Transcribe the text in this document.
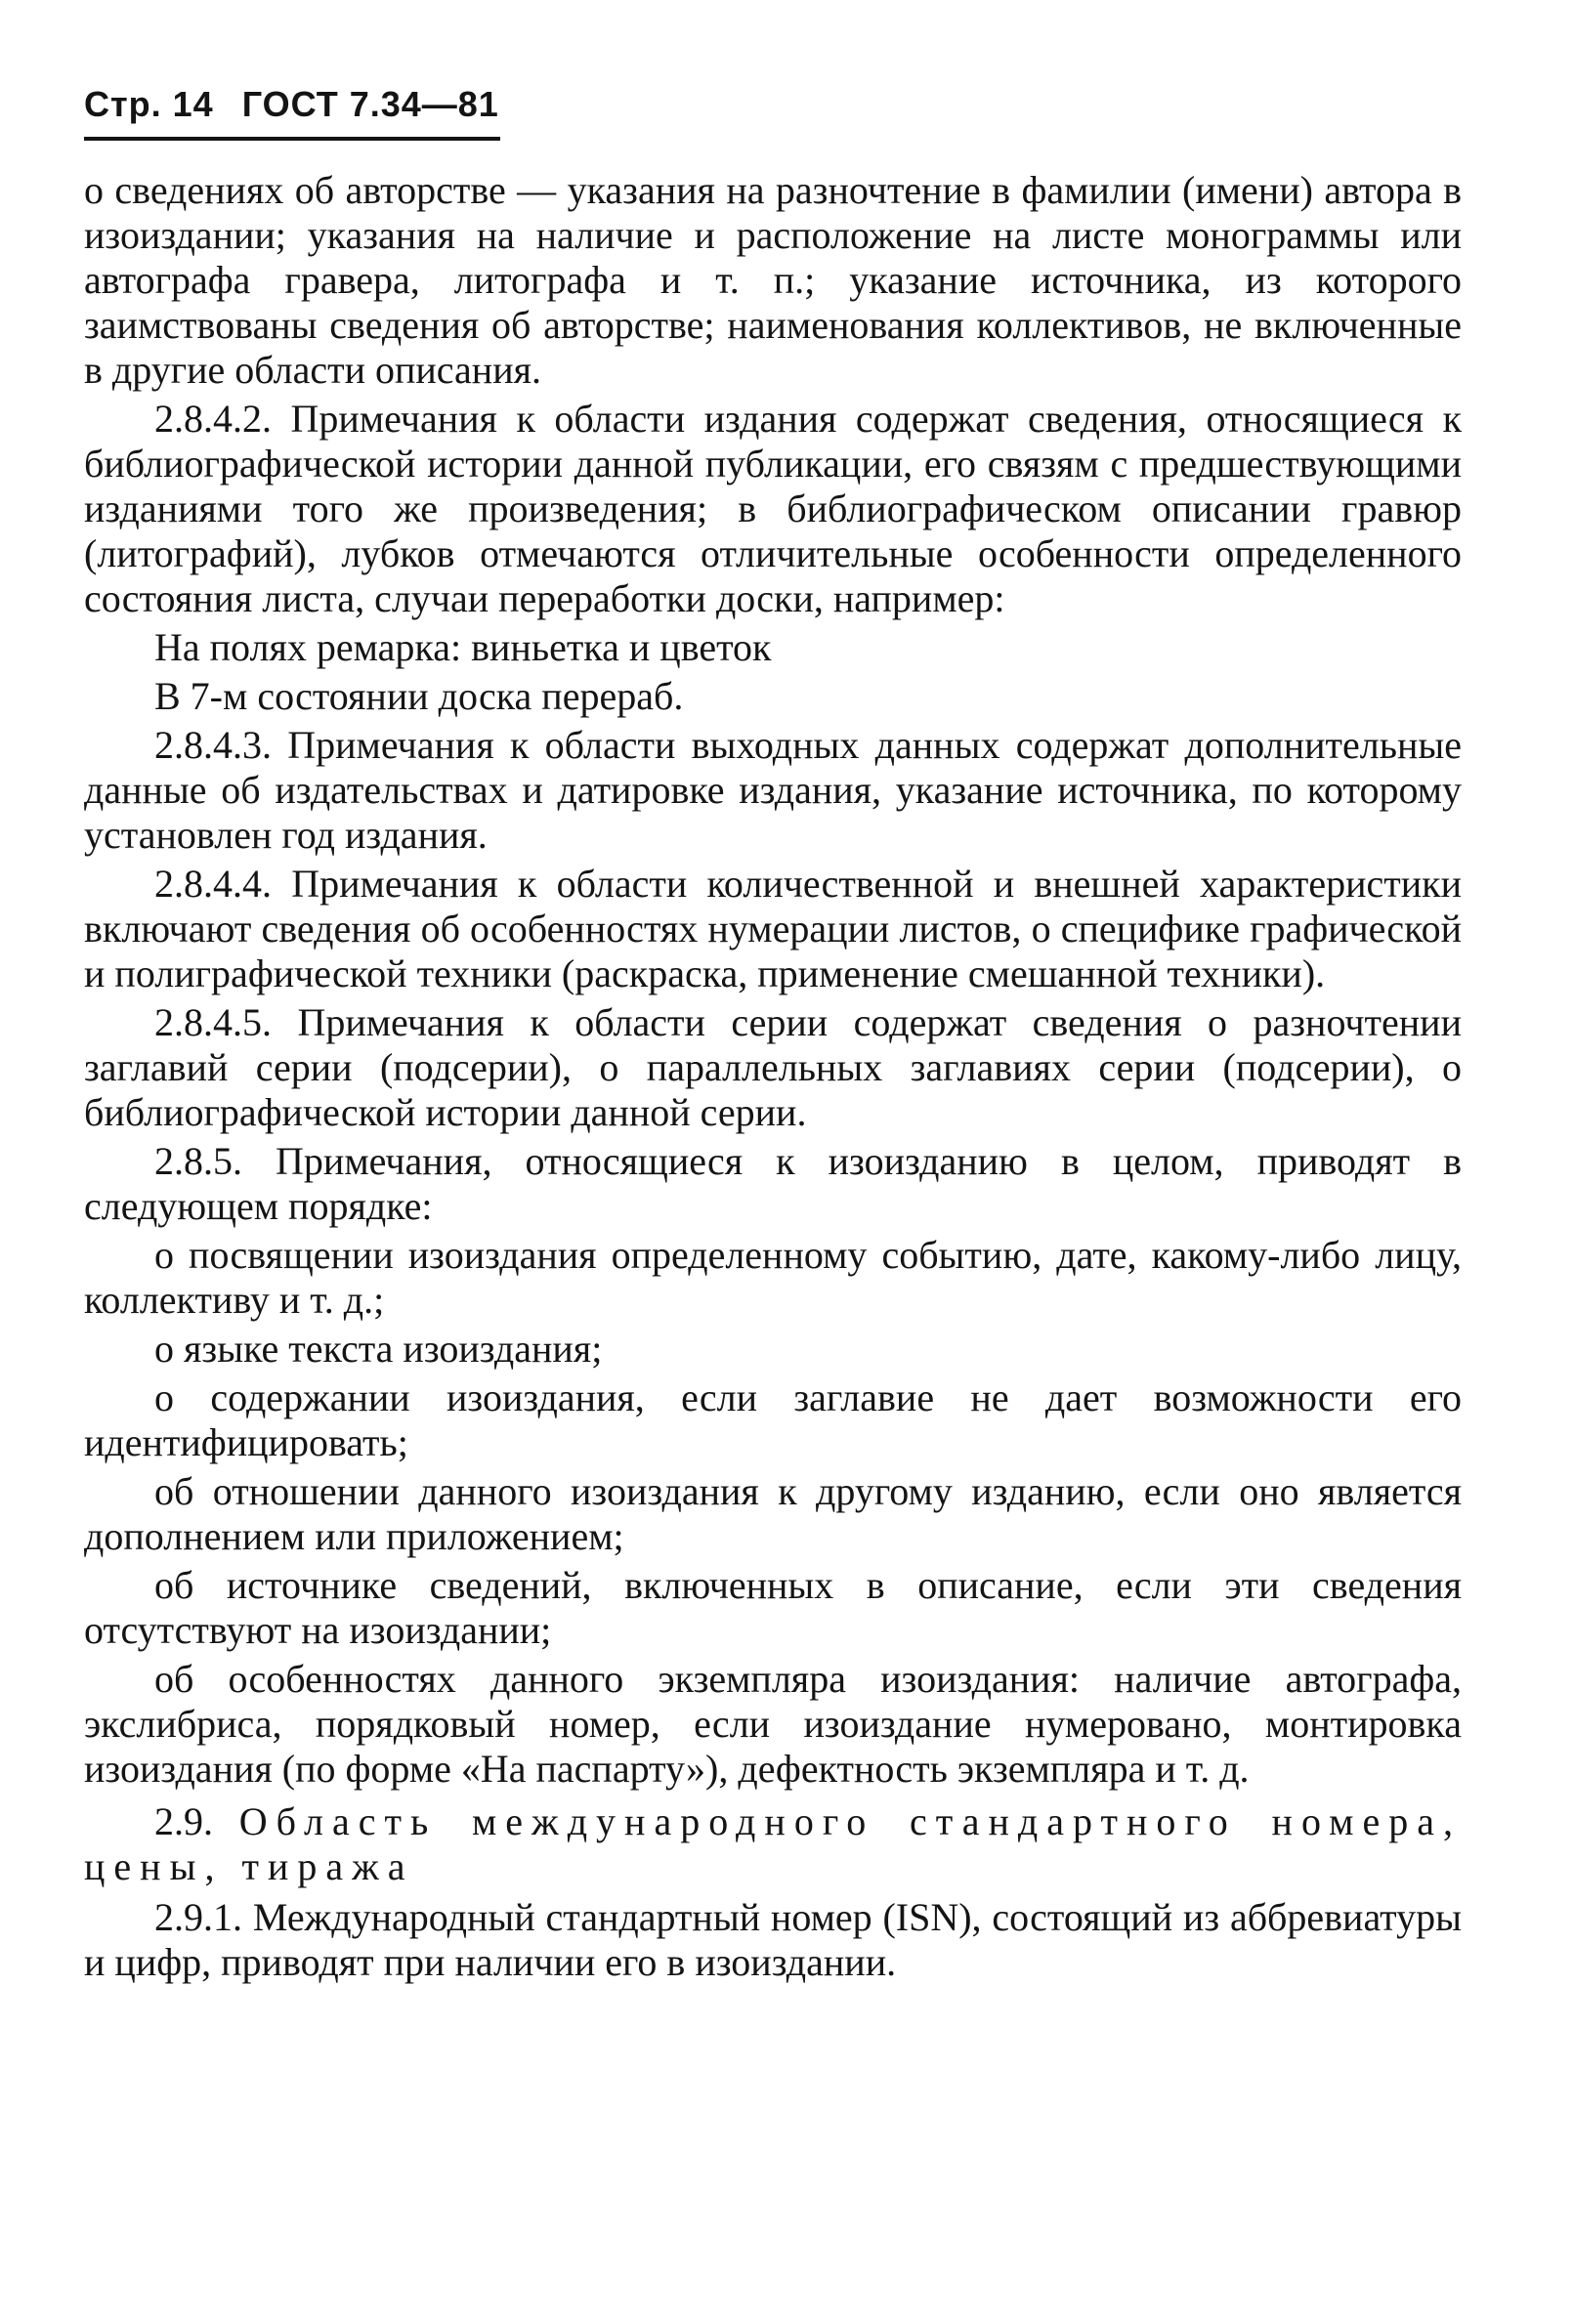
Стр. 14 ГОСТ 7.34—81

о сведениях об авторстве — указания на разночтение в фамилии (имени) автора в изоиздании; указания на наличие и расположение на листе монограммы или автографа гравера, литографа и т. п.; указание источника, из которого заимствованы сведения об авторстве; наименования коллективов, не включенные в другие области описания.

2.8.4.2. Примечания к области издания содержат сведения, относящиеся к библиографической истории данной публикации, его связям с предшествующими изданиями того же произведения; в библиографическом описании гравюр (литографий), лубков отмечаются отличительные особенности определенного состояния листа, случаи переработки доски, например:

На полях ремарка: виньетка и цветок

В 7-м состоянии доска перераб.

2.8.4.3. Примечания к области выходных данных содержат дополнительные данные об издательствах и датировке издания, указание источника, по которому установлен год издания.

2.8.4.4. Примечания к области количественной и внешней характеристики включают сведения об особенностях нумерации листов, о специфике графической и полиграфической техники (раскраска, применение смешанной техники).

2.8.4.5. Примечания к области серии содержат сведения о разночтении заглавий серии (подсерии), о параллельных заглавиях серии (подсерии), о библиографической истории данной серии.

2.8.5. Примечания, относящиеся к изоизданию в целом, приводят в следующем порядке:

о посвящении изоиздания определенному событию, дате, какому-либо лицу, коллективу и т. д.;

о языке текста изоиздания;

о содержании изоиздания, если заглавие не дает возможности его идентифицировать;

об отношении данного изоиздания к другому изданию, если оно является дополнением или приложением;

об источнике сведений, включенных в описание, если эти сведения отсутствуют на изоиздании;

об особенностях данного экземпляра изоиздания: наличие автографа, экслибриса, порядковый номер, если изоиздание нумеровано, монтировка изоиздания (по форме «На паспарту»), дефектность экземпляра и т. д.

2.9. Область международного стандартного номера, цены, тиража

2.9.1. Международный стандартный номер (ISN), состоящий из аббревиатуры и цифр, приводят при наличии его в изоиздании.
